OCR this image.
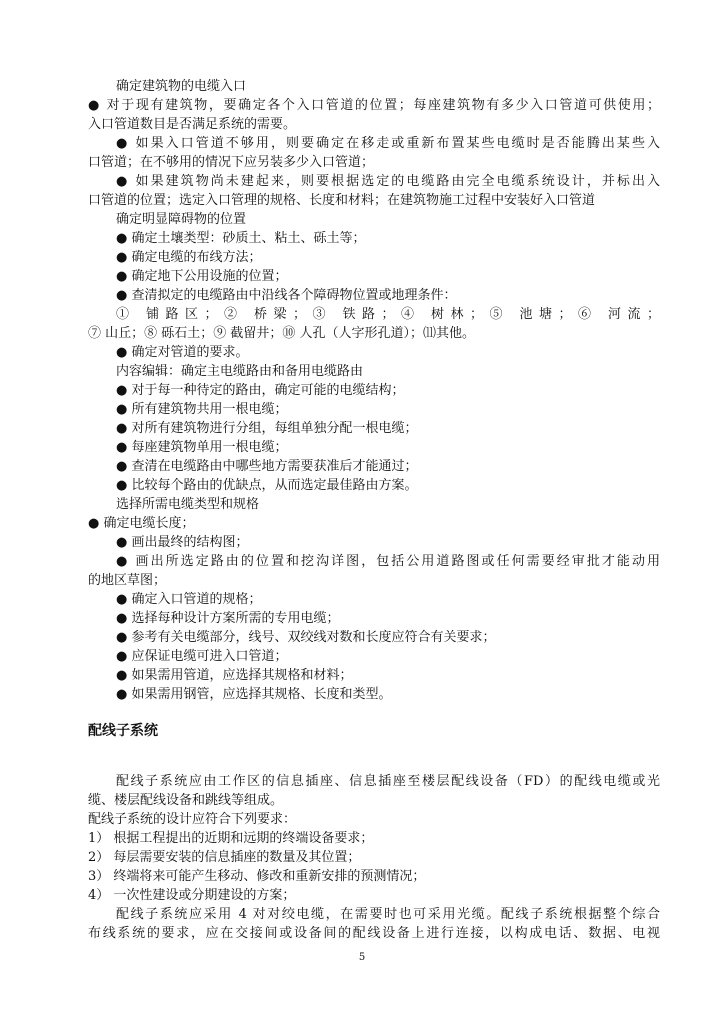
确定建筑物的电缆入口
● 对于现有建筑物，要确定各个入口管道的位置；每座建筑物有多少入口管道可供使用；
入口管道数目是否满足系统的需要。
● 如果入口管道不够用，则要确定在移走或重新布置某些电缆时是否能腾出某些入
口管道；在不够用的情况下应另装多少入口管道；
● 如果建筑物尚未建起来，则要根据选定的电缆路由完全电缆系统设计，并标出入
口管道的位置；选定入口管理的规格、长度和材料；在建筑物施工过程中安装好入口管道
确定明显障碍物的位置
● 确定土壤类型：砂质土、粘土、砾土等；
● 确定电缆的布线方法；
● 确定地下公用设施的位置；
● 查清拟定的电缆路由中沿线各个障碍物位置或地理条件：
① 铺路区；② 桥梁；③ 铁路；④ 树林；⑤ 池塘；⑥ 河流；
⑦ 山丘；⑧ 砾石土；⑨ 截留井；⑩ 人孔（人字形孔道）；⑾其他。
● 确定对管道的要求。
内容编辑：确定主电缆路由和备用电缆路由
● 对于每一种待定的路由，确定可能的电缆结构；
● 所有建筑物共用一根电缆；
● 对所有建筑物进行分组，每组单独分配一根电缆；
● 每座建筑物单用一根电缆；
● 查清在电缆路由中哪些地方需要获准后才能通过；
● 比较每个路由的优缺点，从而选定最佳路由方案。
选择所需电缆类型和规格
● 确定电缆长度；
● 画出最终的结构图；
● 画出所选定路由的位置和挖沟详图，包括公用道路图或任何需要经审批才能动用
的地区草图；
● 确定入口管道的规格；
● 选择每种设计方案所需的专用电缆；
● 参考有关电缆部分，线号、双绞线对数和长度应符合有关要求；
● 应保证电缆可进入口管道；
● 如果需用管道，应选择其规格和材料；
● 如果需用钢管，应选择其规格、长度和类型。
配线子系统
配线子系统应由工作区的信息插座、信息插座至楼层配线设备（FD）的配线电缆或光
缆、楼层配线设备和跳线等组成。
配线子系统的设计应符合下列要求：
1） 根据工程提出的近期和远期的终端设备要求；
2） 每层需要安装的信息插座的数量及其位置；
3） 终端将来可能产生移动、修改和重新安排的预测情况；
4） 一次性建设或分期建设的方案；
配线子系统应采用 4 对对绞电缆，在需要时也可采用光缆。配线子系统根据整个综合
布线系统的要求，应在交接间或设备间的配线设备上进行连接，以构成电话、数据、电视
5
